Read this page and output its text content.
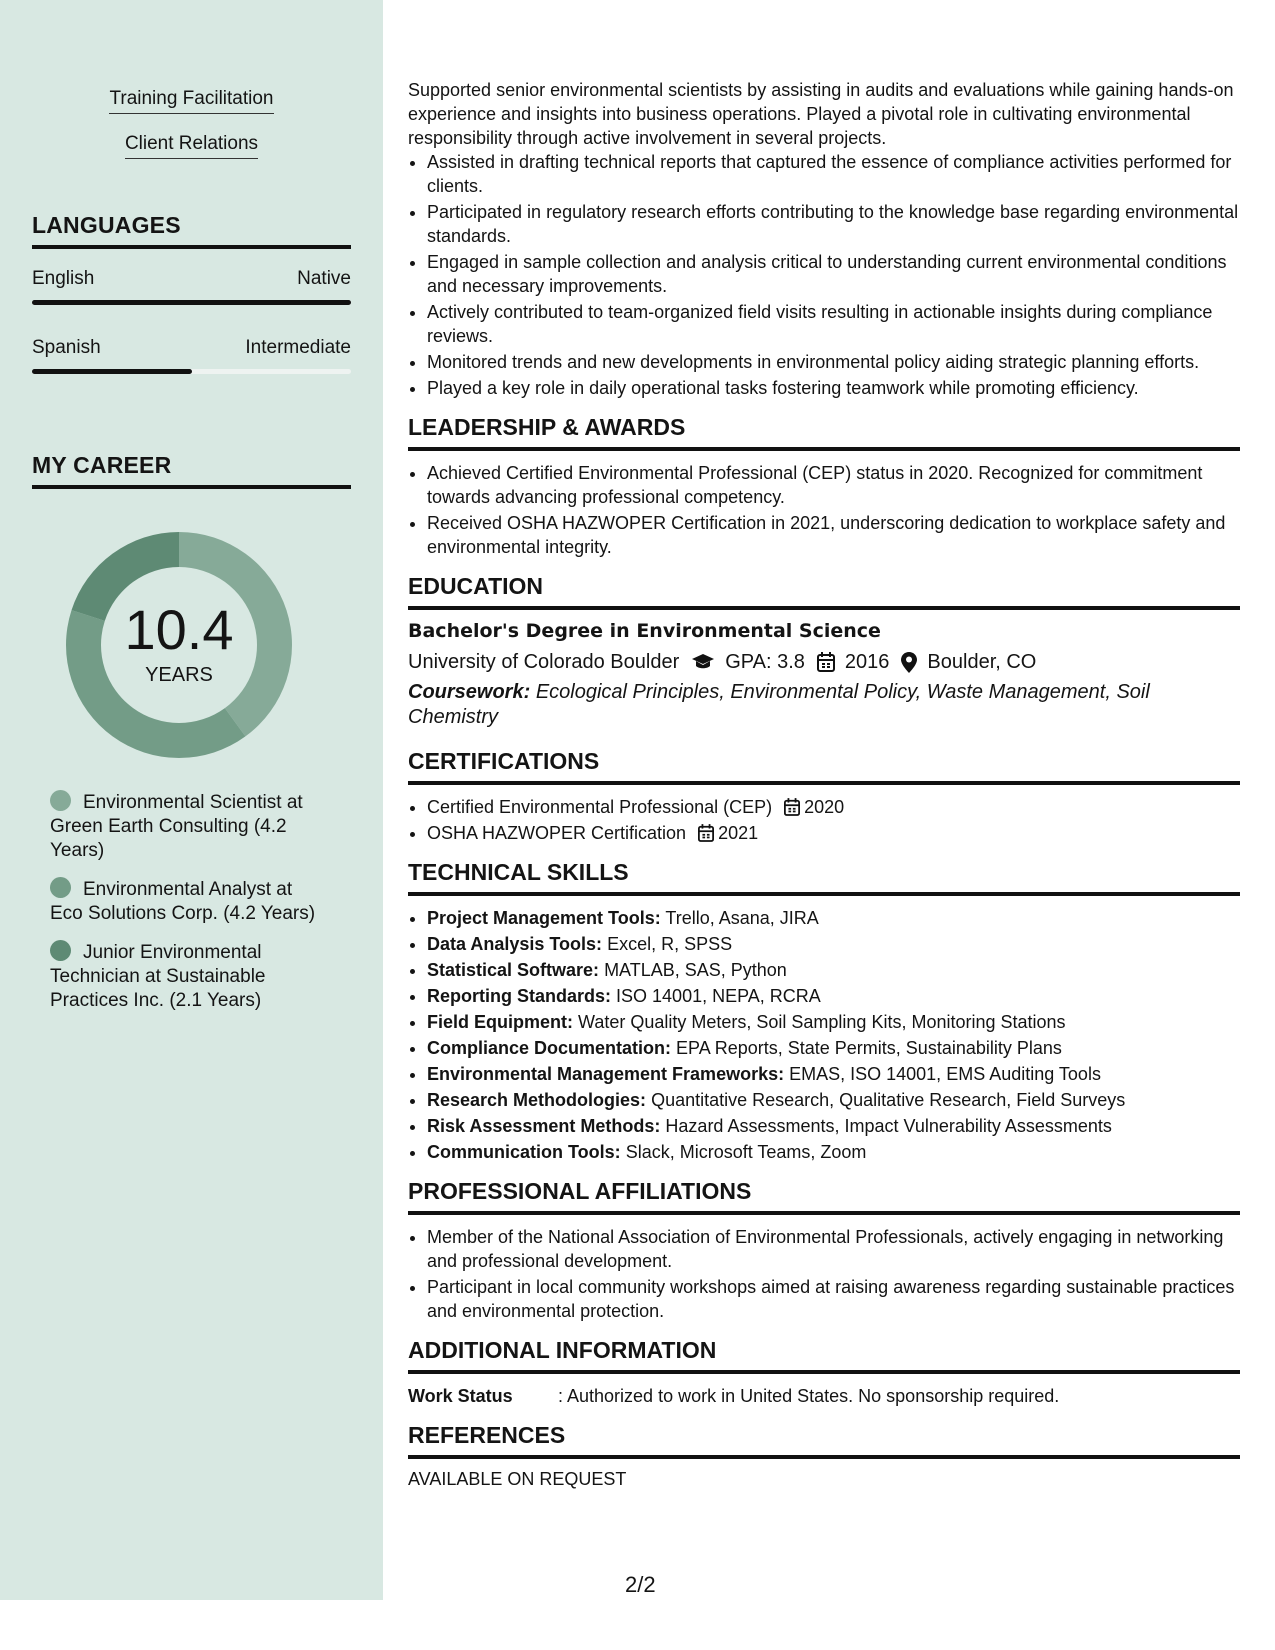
Training Facilitation
Client Relations
LANGUAGES
English	Native
Spanish	Intermediate
MY CAREER
10.4
YEARS
Environmental Scientist at Green Earth Consulting (4.2 Years)
Environmental Analyst at Eco Solutions Corp. (4.2 Years)
Junior Environmental Technician at Sustainable Practices Inc. (2.1 Years)

Supported senior environmental scientists by assisting in audits and evaluations while gaining hands-on experience and insights into business operations. Played a pivotal role in cultivating environmental responsibility through active involvement in several projects.

• Assisted in drafting technical reports that captured the essence of compliance activities performed for clients.
• Participated in regulatory research efforts contributing to the knowledge base regarding environmental standards.
• Engaged in sample collection and analysis critical to understanding current environmental conditions and necessary improvements.
• Actively contributed to team-organized field visits resulting in actionable insights during compliance reviews.
• Monitored trends and new developments in environmental policy aiding strategic planning efforts.
• Played a key role in daily operational tasks fostering teamwork while promoting efficiency.
LEADERSHIP & AWARDS
• Achieved Certified Environmental Professional (CEP) status in 2020. Recognized for commitment towards advancing professional competency.
• Received OSHA HAZWOPER Certification in 2021, underscoring dedication to workplace safety and environmental integrity.
EDUCATION
Bachelor's Degree in Environmental Science
University of Colorado Boulder GPA: 3.8 2016 Boulder, CO
Coursework: Ecological Principles, Environmental Policy, Waste Management, Soil Chemistry
CERTIFICATIONS
• Certified Environmental Professional (CEP) 2020
• OSHA HAZWOPER Certification 2021
TECHNICAL SKILLS
• Project Management Tools: Trello, Asana, JIRA
• Data Analysis Tools: Excel, R, SPSS
• Statistical Software: MATLAB, SAS, Python
• Reporting Standards: ISO 14001, NEPA, RCRA
• Field Equipment: Water Quality Meters, Soil Sampling Kits, Monitoring Stations
• Compliance Documentation: EPA Reports, State Permits, Sustainability Plans
• Environmental Management Frameworks: EMAS, ISO 14001, EMS Auditing Tools
• Research Methodologies: Quantitative Research, Qualitative Research, Field Surveys
• Risk Assessment Methods: Hazard Assessments, Impact Vulnerability Assessments
• Communication Tools: Slack, Microsoft Teams, Zoom
PROFESSIONAL AFFILIATIONS
• Member of the National Association of Environmental Professionals, actively engaging in networking and professional development.
• Participant in local community workshops aimed at raising awareness regarding sustainable practices and environmental protection.
ADDITIONAL INFORMATION
Work Status	: Authorized to work in United States. No sponsorship required.
REFERENCES
AVAILABLE ON REQUEST
2/2
